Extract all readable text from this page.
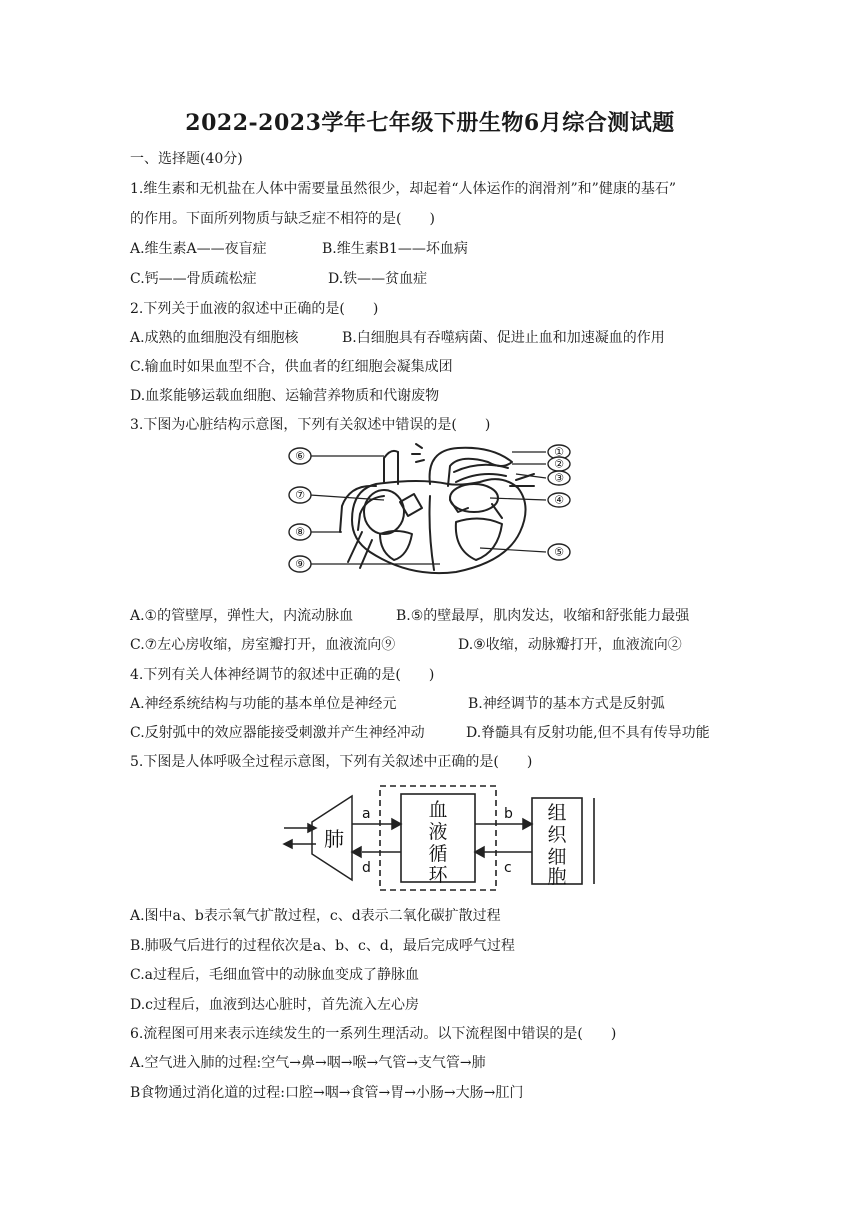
2022-2023学年七年级下册生物6月综合测试题
一、选择题(40分)
1.维生素和无机盐在人体中需要量虽然很少，却起着“人体运作的润滑剂”和”健康的基石”
的作用。下面所列物质与缺乏症不相符的是(　　)
A.维生素A——夜盲症	B.维生素B1——坏血病
C.钙——骨质疏松症	D.铁——贫血症
2.下列关于血液的叙述中正确的是(　　)
A.成熟的血细胞没有细胞核	B.白细胞具有吞噬病菌、促进止血和加速凝血的作用
C.输血时如果血型不合，供血者的红细胞会凝集成团
D.血浆能够运载血细胞、运输营养物质和代谢废物
3.下图为心脏结构示意图，下列有关叙述中错误的是(　　)
⑥
⑦
⑧
⑨
①
②
③
④
⑤
A.①的管壁厚，弹性大，内流动脉血	B.⑤的壁最厚，肌肉发达，收缩和舒张能力最强
C.⑦左心房收缩，房室瓣打开，血液流向⑨	D.⑨收缩，动脉瓣打开，血液流向②
4.下列有关人体神经调节的叙述中正确的是(　　)
A.神经系统结构与功能的基本单位是神经元	B.神经调节的基本方式是反射弧
C.反射弧中的效应器能接受刺激并产生神经冲动	D.脊髓具有反射功能,但不具有传导功能
5.下图是人体呼吸全过程示意图，下列有关叙述中正确的是(　　)
肺
血
液
循
环
组
织
细
胞
a
d
b
c
A.图中a、b表示氧气扩散过程，c、d表示二氧化碳扩散过程
B.肺吸气后进行的过程依次是a、b、c、d，最后完成呼气过程
C.a过程后，毛细血管中的动脉血变成了静脉血
D.c过程后，血液到达心脏时，首先流入左心房
6.流程图可用来表示连续发生的一系列生理活动。以下流程图中错误的是(　　)
A.空气进入肺的过程:空气→鼻→咽→喉→气管→支气管→肺
B食物通过消化道的过程:口腔→咽→食管→胃→小肠→大肠→肛门
